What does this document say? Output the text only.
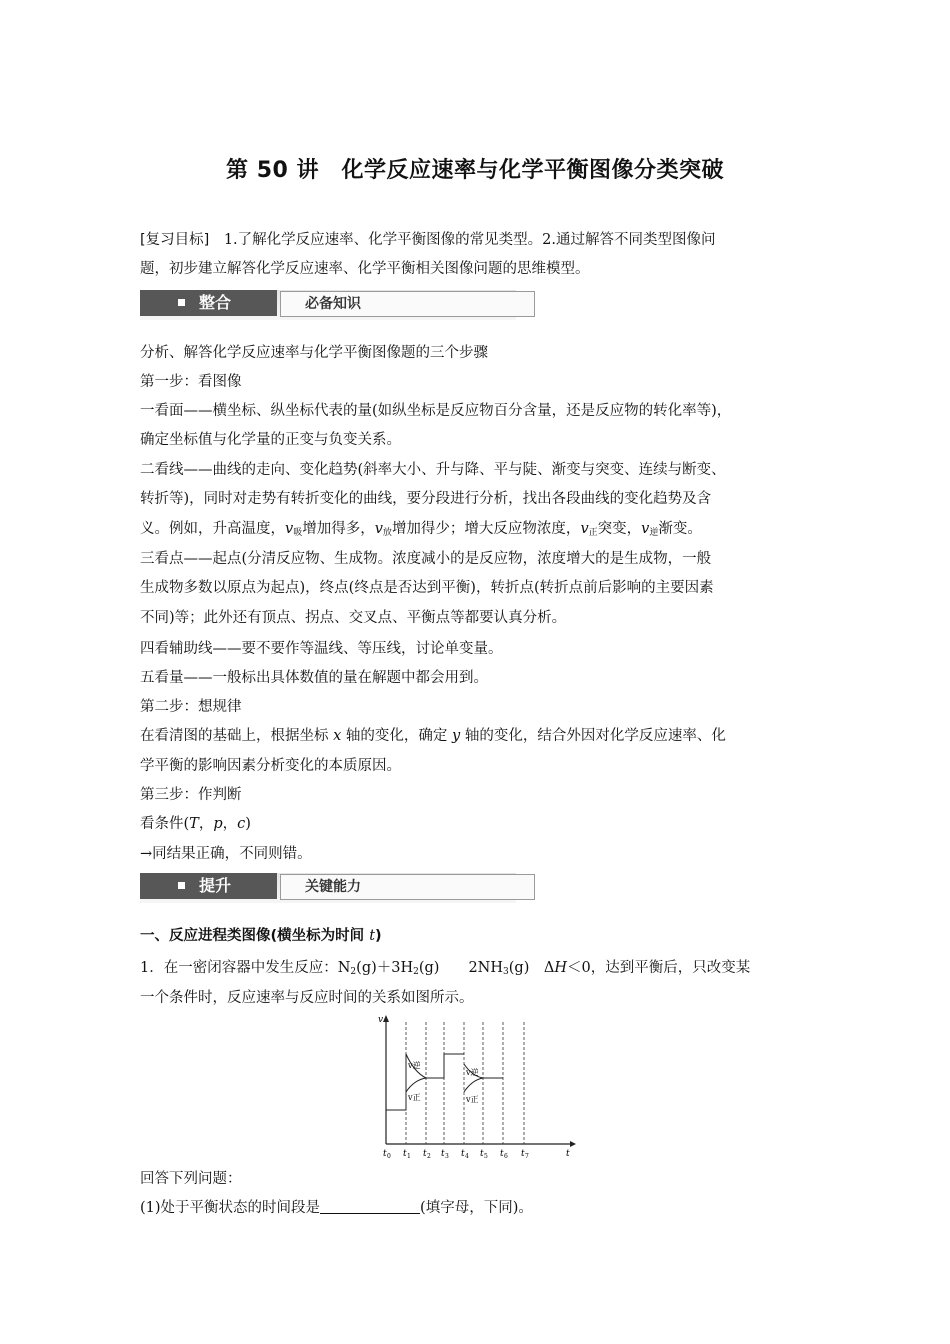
第 50 讲　化学反应速率与化学平衡图像分类突破

[复习目标]　1.了解化学反应速率、化学平衡图像的常见类型。2.通过解答不同类型图像问

题，初步建立解答化学反应速率、化学平衡相关图像问题的思维模型。

整合	必备知识

分析、解答化学反应速率与化学平衡图像题的三个步骤

第一步：看图像

一看面——横坐标、纵坐标代表的量(如纵坐标是反应物百分含量，还是反应物的转化率等)，

确定坐标值与化学量的正变与负变关系。

二看线——曲线的走向、变化趋势(斜率大小、升与降、平与陡、渐变与突变、连续与断变、

转折等)，同时对走势有转折变化的曲线，要分段进行分析，找出各段曲线的变化趋势及含

义。例如，升高温度，$v_吸$增加得多，$v_放$增加得少；增大反应物浓度，$v_正$突变，$v_逆$渐变。

三看点——起点(分清反应物、生成物。浓度减小的是反应物，浓度增大的是生成物，一般

生成物多数以原点为起点)，终点(终点是否达到平衡)，转折点(转折点前后影响的主要因素

不同)等；此外还有顶点、拐点、交叉点、平衡点等都要认真分析。

四看辅助线——要不要作等温线、等压线，讨论单变量。

五看量——一般标出具体数值的量在解题中都会用到。

第二步：想规律

在看清图的基础上，根据坐标 x 轴的变化，确定 y 轴的变化，结合外因对化学反应速率、化

学平衡的影响因素分析变化的本质原因。

第三步：作判断

看条件(T，p，c)

→同结果正确，不同则错。

提升	关键能力

一、反应进程类图像(横坐标为时间 t)

1．在一密闭容器中发生反应：$N_2(g)+3H_2(g)$　　$2NH_3(g)$　ΔH＜0，达到平衡后，只改变某

一个条件时，反应速率与反应时间的关系如图所示。

t 0 t 1 t 2 t 3 t 4 t 5 t 6 t 7
v
t
v逆
v正
v逆
v正

回答下列问题：

(1)处于平衡状态的时间段是	(填字母，下同)。
